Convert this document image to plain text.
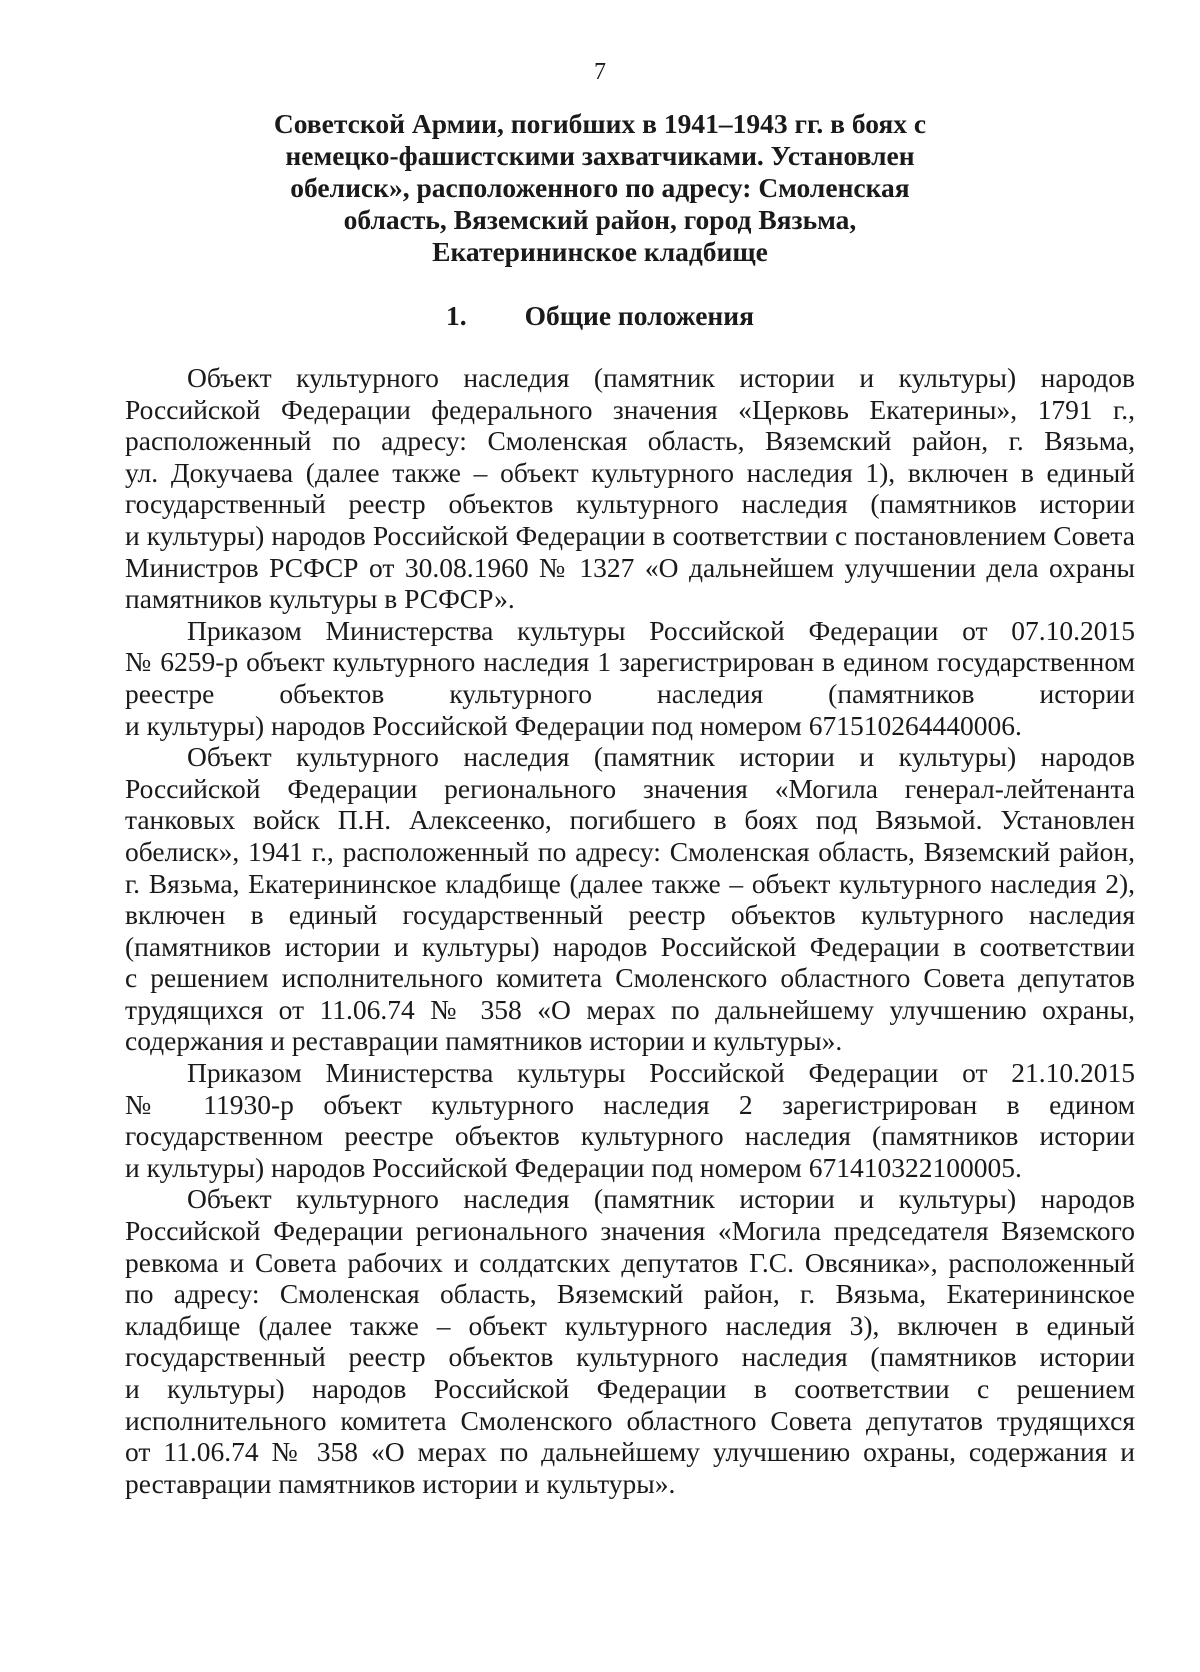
7
Советской Армии, погибших в 1941–1943 гг. в боях с
немецко-фашистскими захватчиками. Установлен
обелиск», расположенного по адресу: Смоленская
область, Вяземский район, город Вязьма,
Екатерининское кладбище
1. Общие положения
Объект культурного наследия (памятник истории и культуры) народов
Российской Федерации федерального значения «Церковь Екатерины», 1791 г.,
расположенный по адресу: Смоленская область, Вяземский район, г. Вязьма,
ул. Докучаева (далее также – объект культурного наследия 1), включен в единый
государственный реестр объектов культурного наследия (памятников истории
и культуры) народов Российской Федерации в соответствии с постановлением Совета
Министров РСФСР от 30.08.1960 № 1327 «О дальнейшем улучшении дела охраны
памятников культуры в РСФСР».
Приказом Министерства культуры Российской Федерации от 07.10.2015
№ 6259-р объект культурного наследия 1 зарегистрирован в едином государственном
реестре объектов культурного наследия (памятников истории
и культуры) народов Российской Федерации под номером 671510264440006.
Объект культурного наследия (памятник истории и культуры) народов
Российской Федерации регионального значения «Могила генерал-лейтенанта
танковых войск П.Н. Алексеенко, погибшего в боях под Вязьмой. Установлен
обелиск», 1941 г., расположенный по адресу: Смоленская область, Вяземский район,
г. Вязьма, Екатерининское кладбище (далее также – объект культурного наследия 2),
включен в единый государственный реестр объектов культурного наследия
(памятников истории и культуры) народов Российской Федерации в соответствии
с решением исполнительного комитета Смоленского областного Совета депутатов
трудящихся от 11.06.74 № 358 «О мерах по дальнейшему улучшению охраны,
содержания и реставрации памятников истории и культуры».
Приказом Министерства культуры Российской Федерации от 21.10.2015
№ 11930-р объект культурного наследия 2 зарегистрирован в едином
государственном реестре объектов культурного наследия (памятников истории
и культуры) народов Российской Федерации под номером 671410322100005.
Объект культурного наследия (памятник истории и культуры) народов
Российской Федерации регионального значения «Могила председателя Вяземского
ревкома и Совета рабочих и солдатских депутатов Г.С. Овсяника», расположенный
по адресу: Смоленская область, Вяземский район, г. Вязьма, Екатерининское
кладбище (далее также – объект культурного наследия 3), включен в единый
государственный реестр объектов культурного наследия (памятников истории
и культуры) народов Российской Федерации в соответствии с решением
исполнительного комитета Смоленского областного Совета депутатов трудящихся
от 11.06.74 № 358 «О мерах по дальнейшему улучшению охраны, содержания и
реставрации памятников истории и культуры».
